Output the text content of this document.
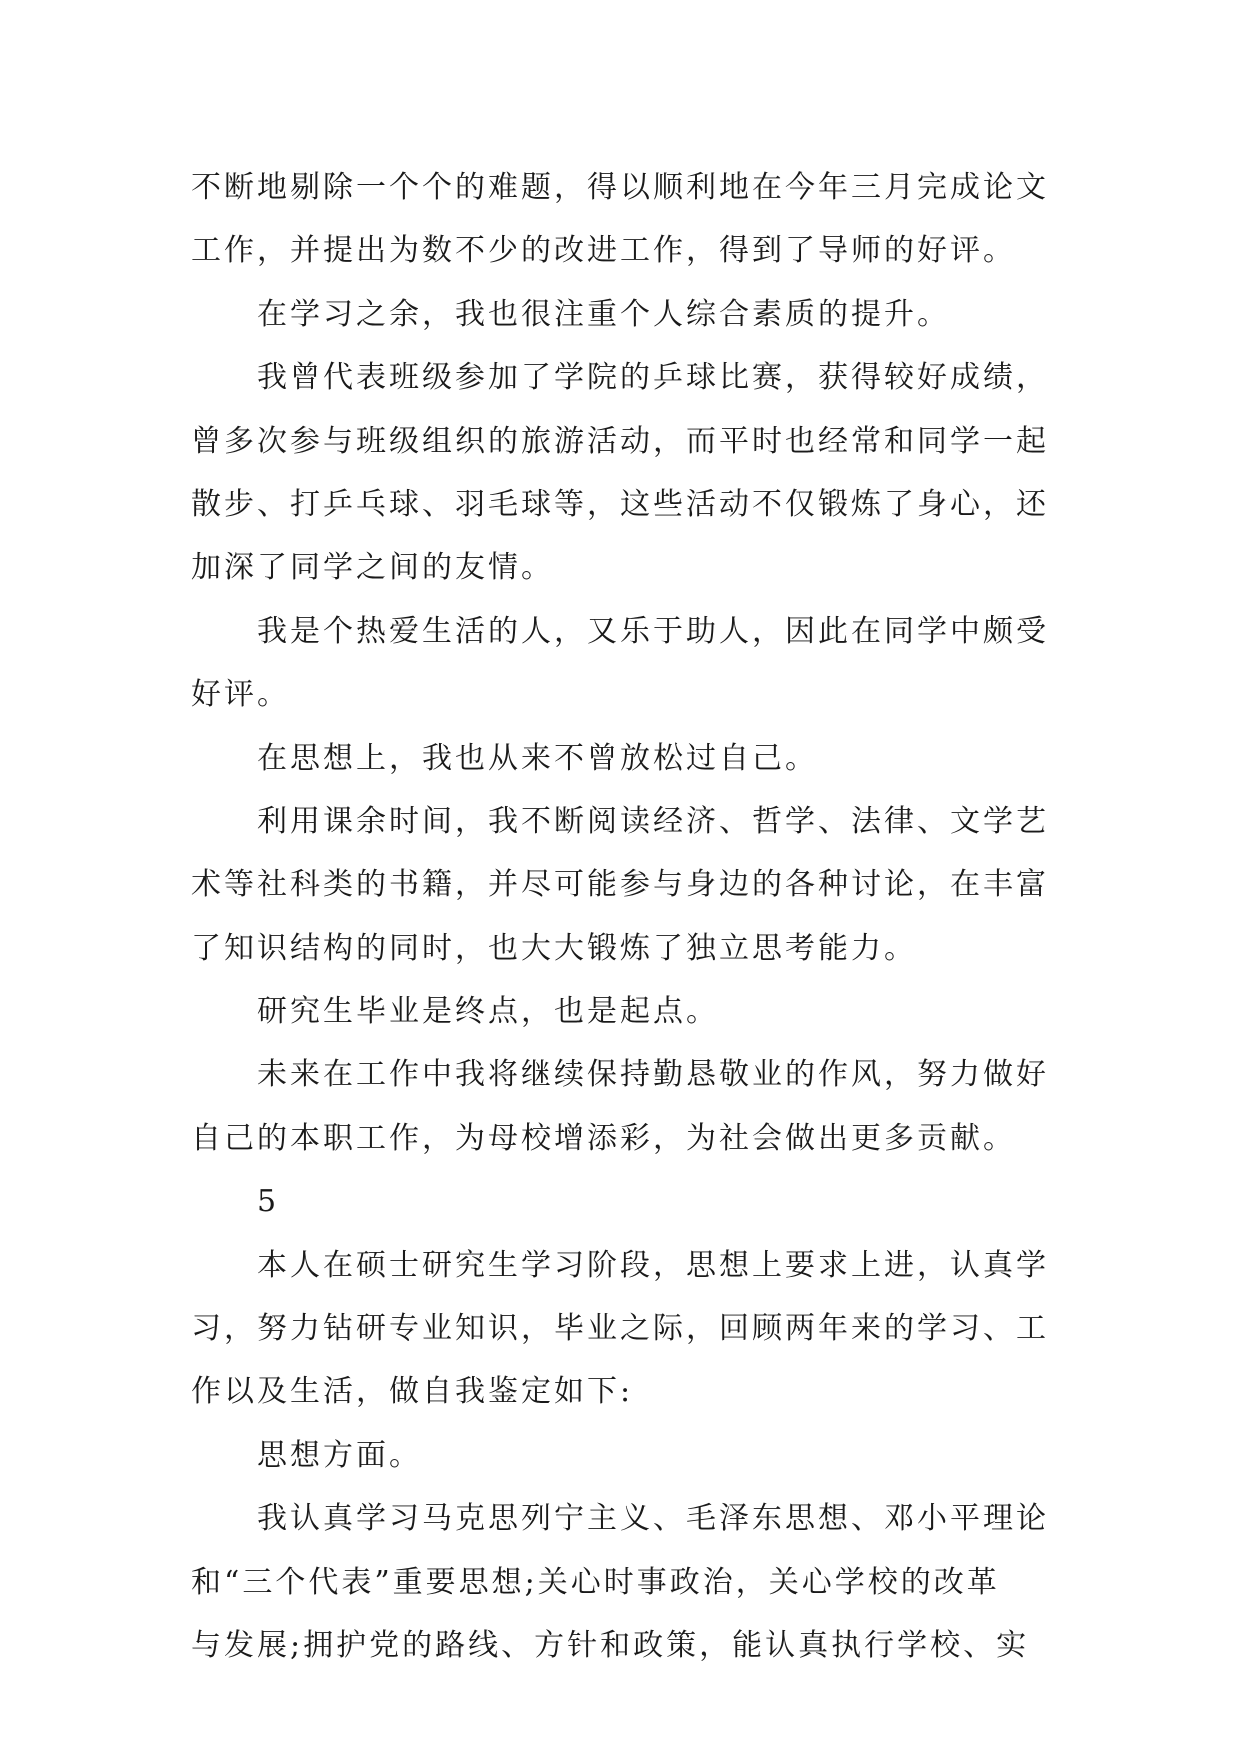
不断地剔除一个个的难题，得以顺利地在今年三月完成论文
工作，并提出为数不少的改进工作，得到了导师的好评。
在学习之余，我也很注重个人综合素质的提升。
我曾代表班级参加了学院的乒球比赛，获得较好成绩，
曾多次参与班级组织的旅游活动，而平时也经常和同学一起
散步、打乒乓球、羽毛球等，这些活动不仅锻炼了身心，还
加深了同学之间的友情。
我是个热爱生活的人，又乐于助人，因此在同学中颇受
好评。
在思想上，我也从来不曾放松过自己。
利用课余时间，我不断阅读经济、哲学、法律、文学艺
术等社科类的书籍，并尽可能参与身边的各种讨论，在丰富
了知识结构的同时，也大大锻炼了独立思考能力。
研究生毕业是终点，也是起点。
未来在工作中我将继续保持勤恳敬业的作风，努力做好
自己的本职工作，为母校增添彩，为社会做出更多贡献。
5
本人在硕士研究生学习阶段，思想上要求上进，认真学
习，努力钻研专业知识，毕业之际，回顾两年来的学习、工
作以及生活，做自我鉴定如下:
思想方面。
我认真学习马克思列宁主义、毛泽东思想、邓小平理论
和“三个代表”重要思想;关心时事政治，关心学校的改革
与发展;拥护党的路线、方针和政策，能认真执行学校、实
